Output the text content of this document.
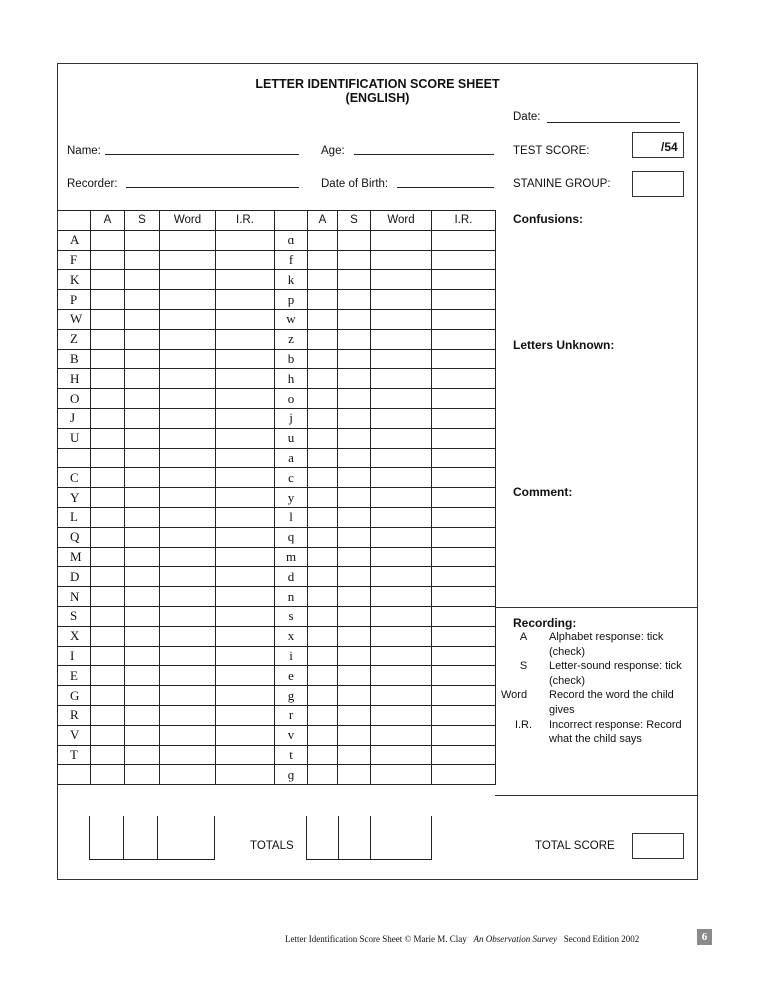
LETTER IDENTIFICATION SCORE SHEET
(ENGLISH)
Date:
Name:	Age:	TEST SCORE:	/54
Recorder:	Date of Birth:	STANINE GROUP:
	A	S	Word	I.R.		A	S	Word	I.R.
A					ɑ				
F					f				
K					k				
P					p				
W					w				
Z					z				
B					b				
H					h				
O					o				
J					j				
U					u				
					a				
C					c				
Y					y				
L					l				
Q					q				
M					m				
D					d				
N					n				
S					s				
X					x				
I					i				
E					e				
G					g				
R					r				
V					v				
T					t				
					ɡ				
TOTALS
Confusions:
Letters Unknown:
Comment:
Recording:
A	Alphabet response: tick (check)
S	Letter-sound response: tick (check)
Word	Record the word the child gives
I.R.	Incorrect response: Record what the child says
TOTAL SCORE
Letter Identification Score Sheet © Marie M. Clay An Observation Survey Second Edition 2002	6
